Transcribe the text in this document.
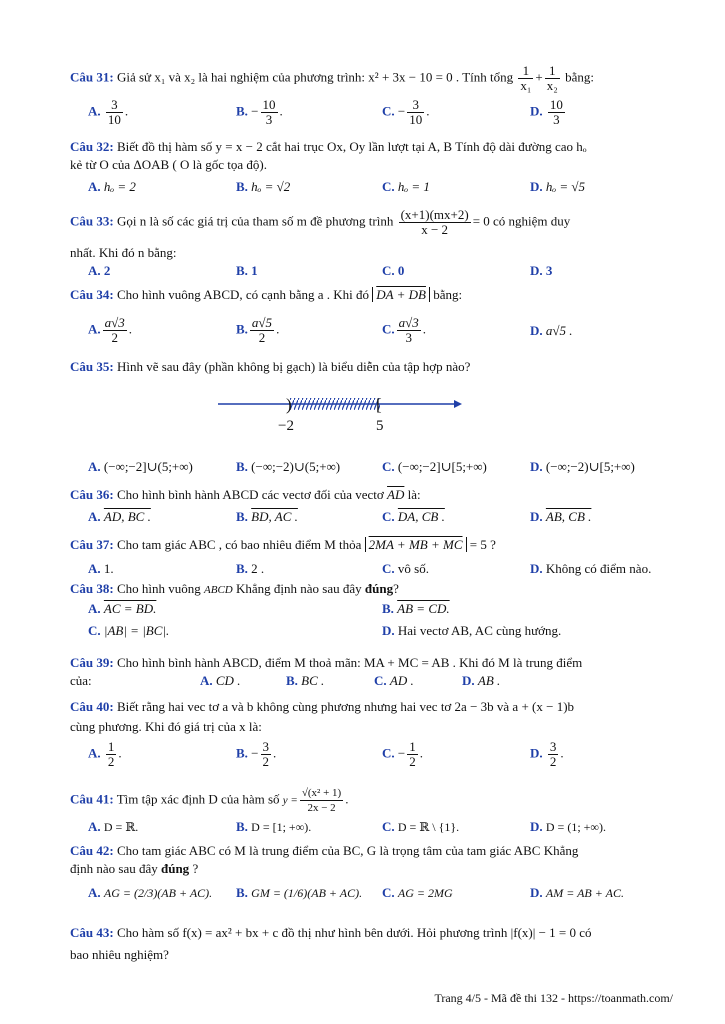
Câu 31: Giả sử x₁ và x₂ là hai nghiệm của phương trình: x² + 3x − 10 = 0 . Tính tổng $\frac{1}{\text{x₁}} + \frac{1}{\text{x₂}}$ bằng:
A. $\frac{3}{10}$ .	B. − $\frac{10}{3}$ .	C. − $\frac{3}{10}$ .	D. $\frac{10}{3}$
Câu 32: Biết đồ thị hàm số y = x − 2 cắt hai trục Ox, Oy lần lượt tại A, B Tính độ dài đường cao hₒ
kẻ từ O của ΔOAB ( O là gốc tọa độ).
A. hₒ = 2	B. hₒ = √2	C. hₒ = 1	D. hₒ = √5
Câu 33: Gọi n là số các giá trị của tham số m đề phương trình $\frac{(x+1)(mx+2)}{x - 2} = 0$ có nghiệm duy
nhất. Khi đó n bằng:
A. 2	B. 1	C. 0	D. 3
Câu 34: Cho hình vuông ABCD, có cạnh bằng a . Khi đó DA + DB bằng:
A. $\frac{a√3}{2}$ .	B. $\frac{a√5}{2}$ .	C. $\frac{a√3}{3}$ .	D. a√5 .
Câu 35: Hình vẽ sau đây (phần không bị gạch) là biểu diễn của tập hợp nào?
)	[
−2	5
A. (−∞;−2]∪(5;+∞)	B. (−∞;−2)∪(5;+∞)	C. (−∞;−2]∪[5;+∞)	D. (−∞;−2)∪[5;+∞)
Câu 36: Cho hình bình hành ABCD các vectơ đối của vectơ $\overline{AD}$ là:
A. AD, BC .	B. BD, AC .	C. DA, CB .	D. AB, CB .
Câu 37: Cho tam giác ABC , có bao nhiêu điểm M thỏa 2MA + MB + MC = 5 ?
A. 1.	B. 2 .	C. vô số.	D. Không có điểm nào.
Câu 38: Cho hình vuông ABCD Khẳng định nào sau đây đúng?
A. AC = BD.	B. AB = CD.
C. |AB| = |BC|.	D. Hai vectơ AB, AC cùng hướng.
Câu 39: Cho hình bình hành ABCD, điểm M thoả mãn: MA + MC = AB . Khi đó M là trung điểm
của:	A. CD .	B. BC .	C. AD .	D. AB .
Câu 40: Biết rằng hai vec tơ a và b không cùng phương nhưng hai vec tơ 2a − 3b và a + (x − 1)b
cùng phương. Khi đó giá trị của x là:
A. $\frac{1}{2}$ .	B. − $\frac{3}{2}$ .	C. − $\frac{1}{2}$ .	D. $\frac{3}{2}$ .
Câu 41: Tìm tập xác định D của hàm số $y = \frac{\text{√(x² + 1)}}{2x - 2}$ .
A. D = ℝ.	B. D = [1; +∞).	C. D = ℝ \ {1}.	D. D = (1; +∞).
Câu 42: Cho tam giác ABC có M là trung điểm của BC, G là trọng tâm của tam giác ABC Khẳng
định nào sau đây đúng ?
A. AG = (2/3)(AB + AC). B. GM = (1/6)(AB + AC). C. AG = 2MG	D. AM = AB + AC.
Câu 43: Cho hàm số f(x) = ax² + bx + c đồ thị như hình bên dưới. Hỏi phương trình |f(x)| − 1 = 0 có
bao nhiêu nghiệm?
Trang 4/5 - Mã đề thi 132 - https://toanmath.com/
